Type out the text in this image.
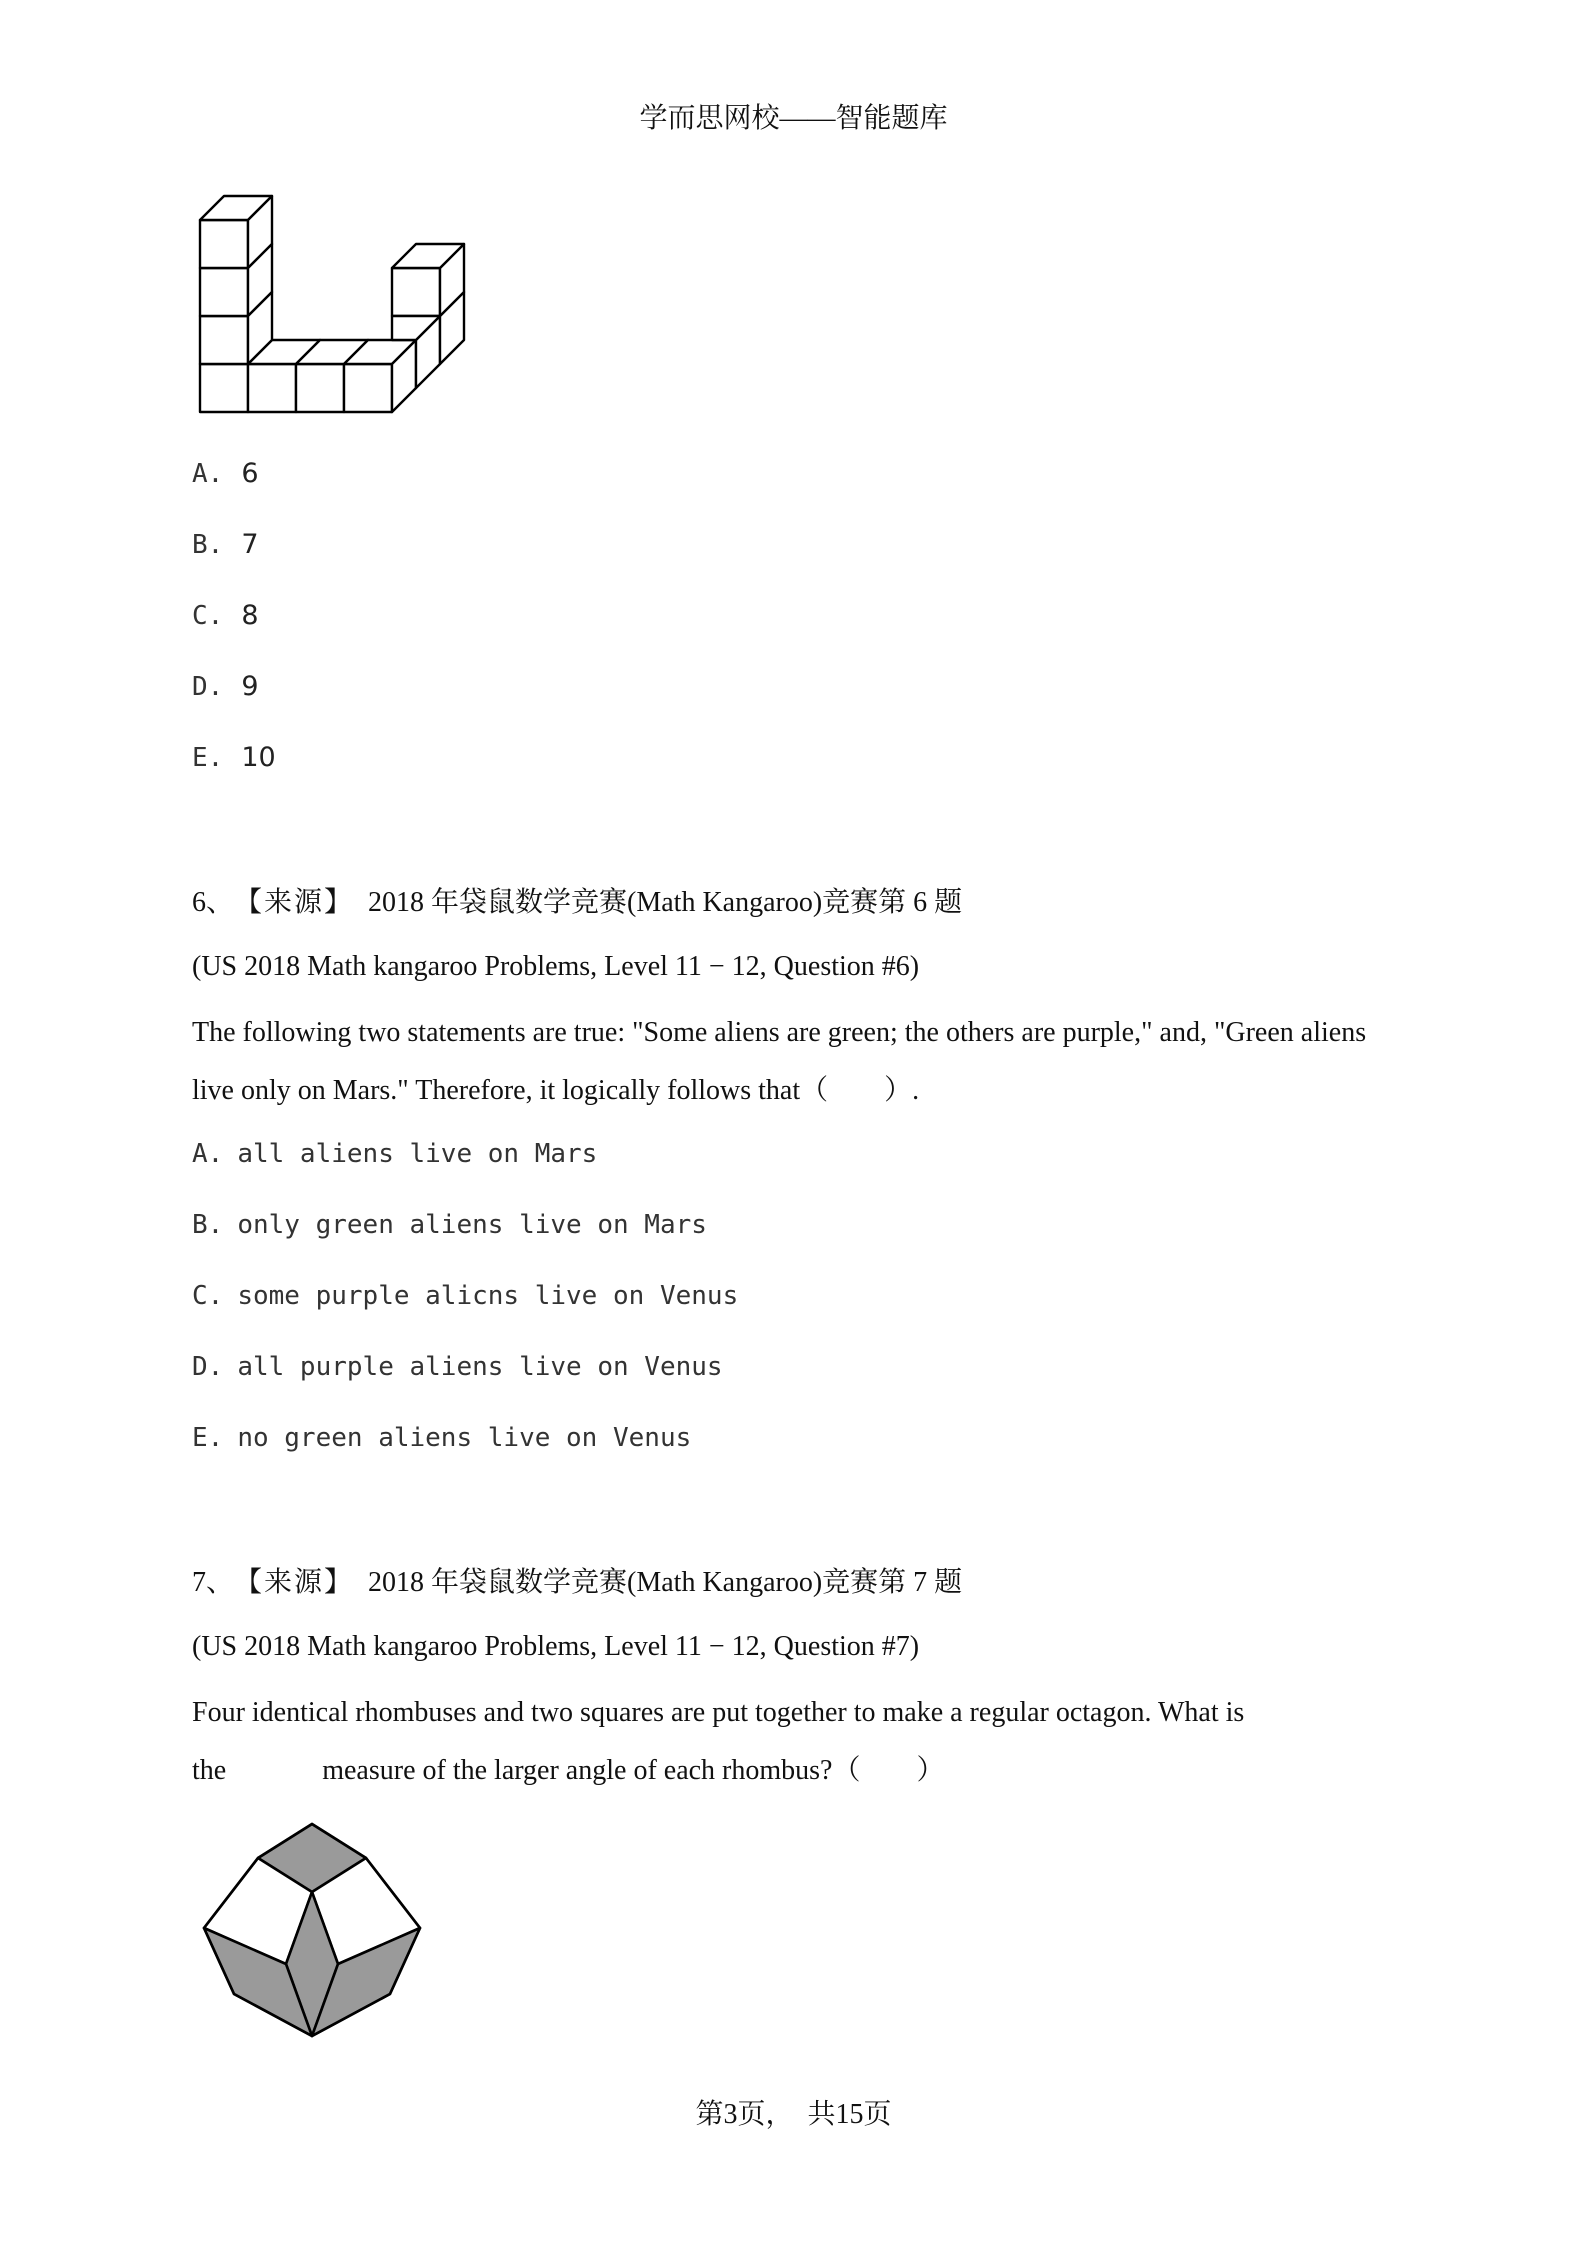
学而思网校——智能题库
A. 6
B. 7
C. 8
D. 9
E. 10
6、 【来源】 2018 年袋鼠数学竞赛(Math Kangaroo)竞赛第 6 题
(US 2018 Math kangaroo Problems, Level 11 − 12, Question #6)
The following two statements are true: "Some aliens are green; the others are purple," and, "Green aliens
live only on Mars." Therefore, it logically follows that（　　）.
A. all aliens live on Mars
B. only green aliens live on Mars
C. some purple alicns live on Venus
D. all purple aliens live on Venus
E. no green aliens live on Venus
7、 【来源】 2018 年袋鼠数学竞赛(Math Kangaroo)竞赛第 7 题
(US 2018 Math kangaroo Problems, Level 11 − 12, Question #7)
Four identical rhombuses and two squares are put together to make a regular octagon. What is
the	measure of the larger angle of each rhombus?（　　）
第3页，　共15页
